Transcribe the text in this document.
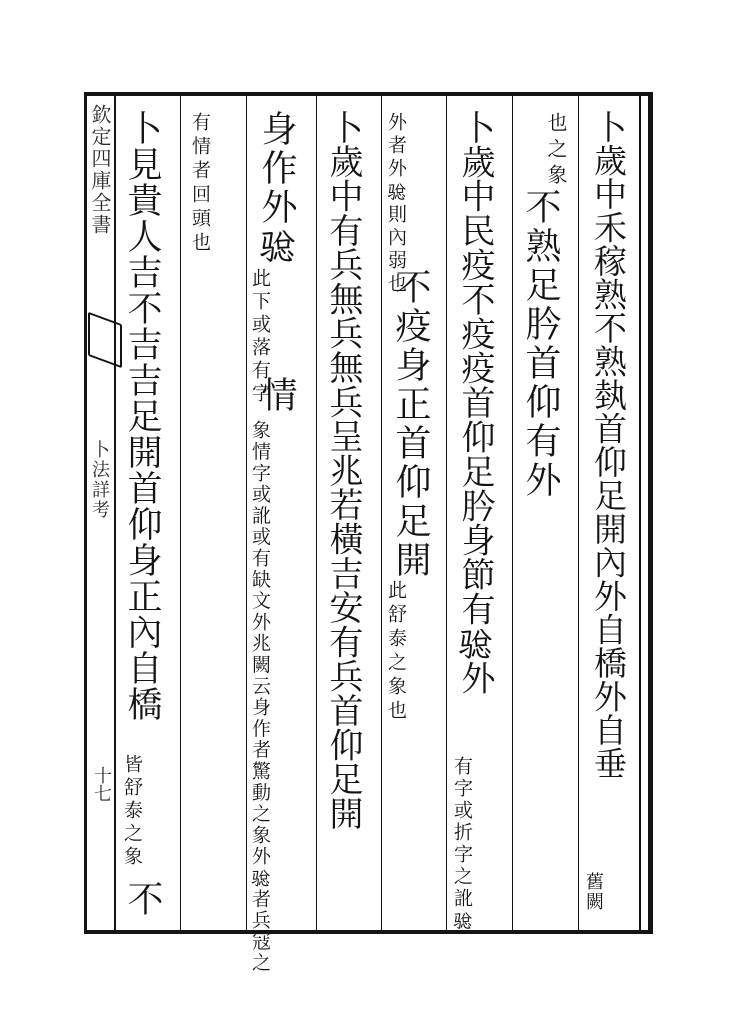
欽定四庫全書
卜法詳考
十七
卜歲中禾稼熟不熟埶首仰足開內外自橋外自垂
舊闕
也之象
不熟足肣首仰有外
卜歲中民疫不疫疫首仰足肣身節有𩨂外
有字或折字之訛𩨂
外者外𩨂則內弱也
不疫身正首仰足開
此舒泰之象也
卜歲中有兵無兵無兵呈兆若橫吉安有兵首仰足開
身作外𩨂
此下或落有字
情
象情字或訛或有缺文外兆闕云身作者驚動之象外𩨂者兵冦之
有情者回頭也
卜見貴人吉不吉吉足開首仰身正內自橋
皆舒泰之象
不
